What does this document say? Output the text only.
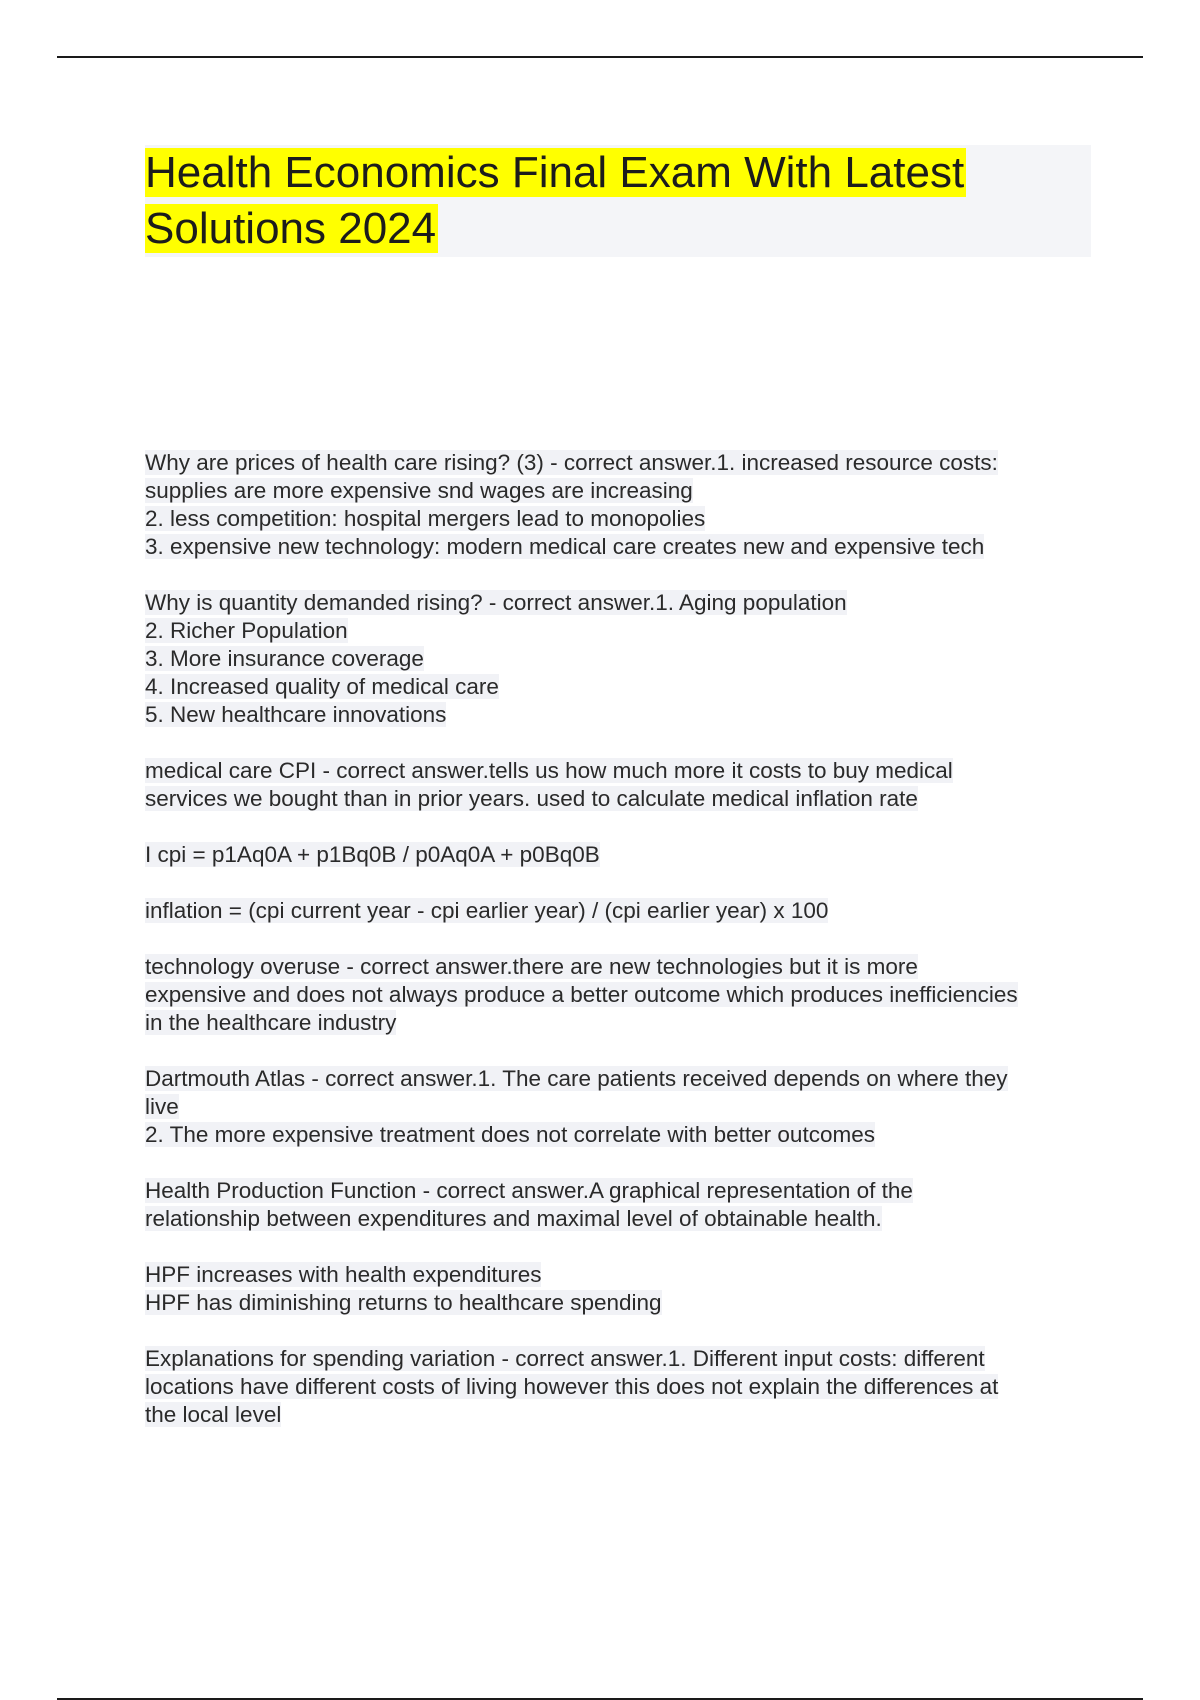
Health Economics Final Exam With Latest
Solutions 2024

Why are prices of health care rising? (3) - correct answer.1. increased resource costs:
supplies are more expensive snd wages are increasing
2. less competition: hospital mergers lead to monopolies
3. expensive new technology: modern medical care creates new and expensive tech

Why is quantity demanded rising? - correct answer.1. Aging population
2. Richer Population
3. More insurance coverage
4. Increased quality of medical care
5. New healthcare innovations

medical care CPI - correct answer.tells us how much more it costs to buy medical
services we bought than in prior years. used to calculate medical inflation rate

I cpi = p1Aq0A + p1Bq0B / p0Aq0A + p0Bq0B

inflation = (cpi current year - cpi earlier year) / (cpi earlier year) x 100

technology overuse - correct answer.there are new technologies but it is more
expensive and does not always produce a better outcome which produces inefficiencies
in the healthcare industry

Dartmouth Atlas - correct answer.1. The care patients received depends on where they
live
2. The more expensive treatment does not correlate with better outcomes

Health Production Function - correct answer.A graphical representation of the
relationship between expenditures and maximal level of obtainable health.

HPF increases with health expenditures
HPF has diminishing returns to healthcare spending

Explanations for spending variation - correct answer.1. Different input costs: different
locations have different costs of living however this does not explain the differences at
the local level
